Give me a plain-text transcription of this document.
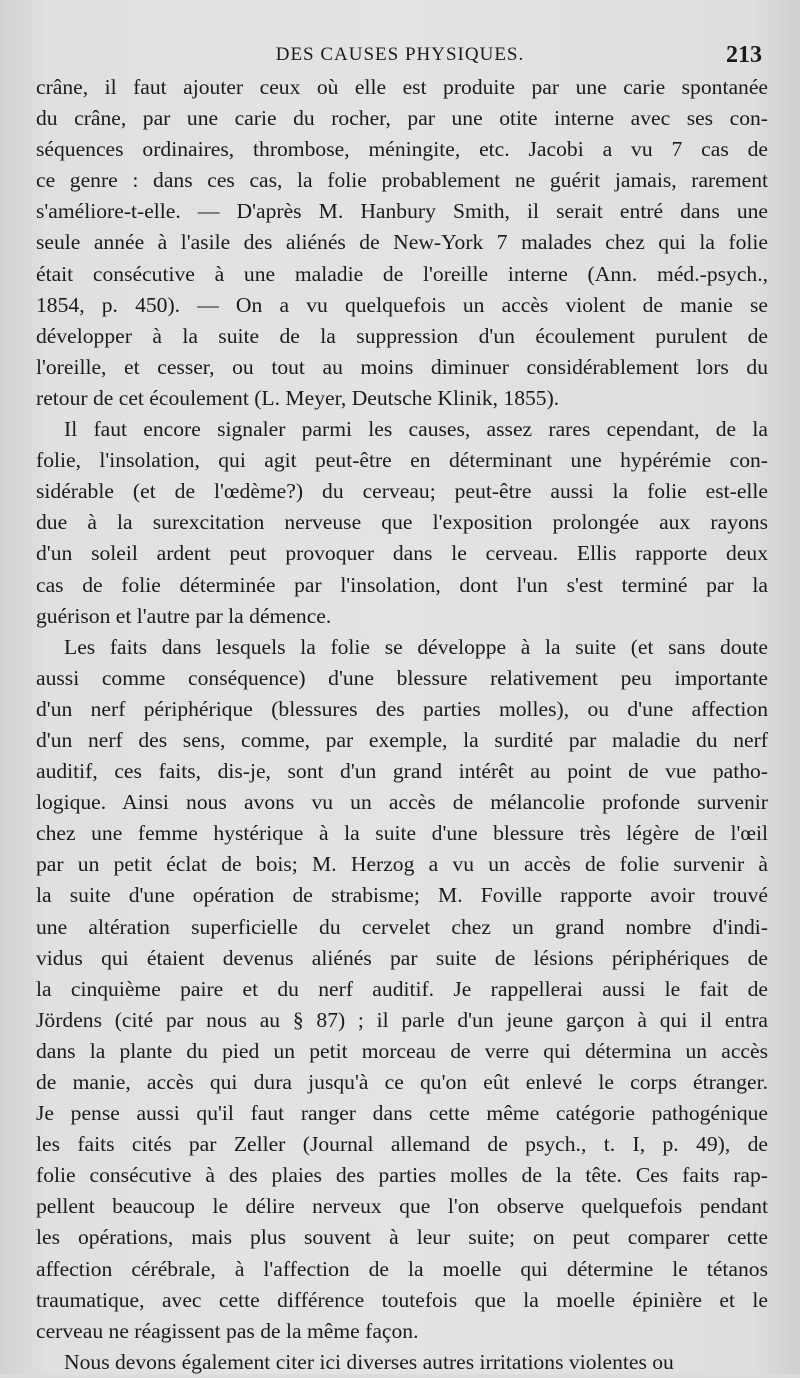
DES CAUSES PHYSIQUES.	213
crâne, il faut ajouter ceux où elle est produite par une carie spontanée
du crâne, par une carie du rocher, par une otite interne avec ses con-
séquences ordinaires, thrombose, méningite, etc. Jacobi a vu 7 cas de
ce genre : dans ces cas, la folie probablement ne guérit jamais, rarement
s'améliore-t-elle. — D'après M. Hanbury Smith, il serait entré dans une
seule année à l'asile des aliénés de New-York 7 malades chez qui la folie
était consécutive à une maladie de l'oreille interne (Ann. méd.-psych.,
1854, p. 450). — On a vu quelquefois un accès violent de manie se
développer à la suite de la suppression d'un écoulement purulent de
l'oreille, et cesser, ou tout au moins diminuer considérablement lors du
retour de cet écoulement (L. Meyer, Deutsche Klinik, 1855).
Il faut encore signaler parmi les causes, assez rares cependant, de la
folie, l'insolation, qui agit peut-être en déterminant une hypérémie con-
sidérable (et de l'œdème?) du cerveau; peut-être aussi la folie est-elle
due à la surexcitation nerveuse que l'exposition prolongée aux rayons
d'un soleil ardent peut provoquer dans le cerveau. Ellis rapporte deux
cas de folie déterminée par l'insolation, dont l'un s'est terminé par la
guérison et l'autre par la démence.
Les faits dans lesquels la folie se développe à la suite (et sans doute
aussi comme conséquence) d'une blessure relativement peu importante
d'un nerf périphérique (blessures des parties molles), ou d'une affection
d'un nerf des sens, comme, par exemple, la surdité par maladie du nerf
auditif, ces faits, dis-je, sont d'un grand intérêt au point de vue patho-
logique. Ainsi nous avons vu un accès de mélancolie profonde survenir
chez une femme hystérique à la suite d'une blessure très légère de l'œil
par un petit éclat de bois; M. Herzog a vu un accès de folie survenir à
la suite d'une opération de strabisme; M. Foville rapporte avoir trouvé
une altération superficielle du cervelet chez un grand nombre d'indi-
vidus qui étaient devenus aliénés par suite de lésions périphériques de
la cinquième paire et du nerf auditif. Je rappellerai aussi le fait de
Jördens (cité par nous au § 87) ; il parle d'un jeune garçon à qui il entra
dans la plante du pied un petit morceau de verre qui détermina un accès
de manie, accès qui dura jusqu'à ce qu'on eût enlevé le corps étranger.
Je pense aussi qu'il faut ranger dans cette même catégorie pathogénique
les faits cités par Zeller (Journal allemand de psych., t. I, p. 49), de
folie consécutive à des plaies des parties molles de la tête. Ces faits rap-
pellent beaucoup le délire nerveux que l'on observe quelquefois pendant
les opérations, mais plus souvent à leur suite; on peut comparer cette
affection cérébrale, à l'affection de la moelle qui détermine le tétanos
traumatique, avec cette différence toutefois que la moelle épinière et le
cerveau ne réagissent pas de la même façon.
Nous devons également citer ici diverses autres irritations violentes ou
